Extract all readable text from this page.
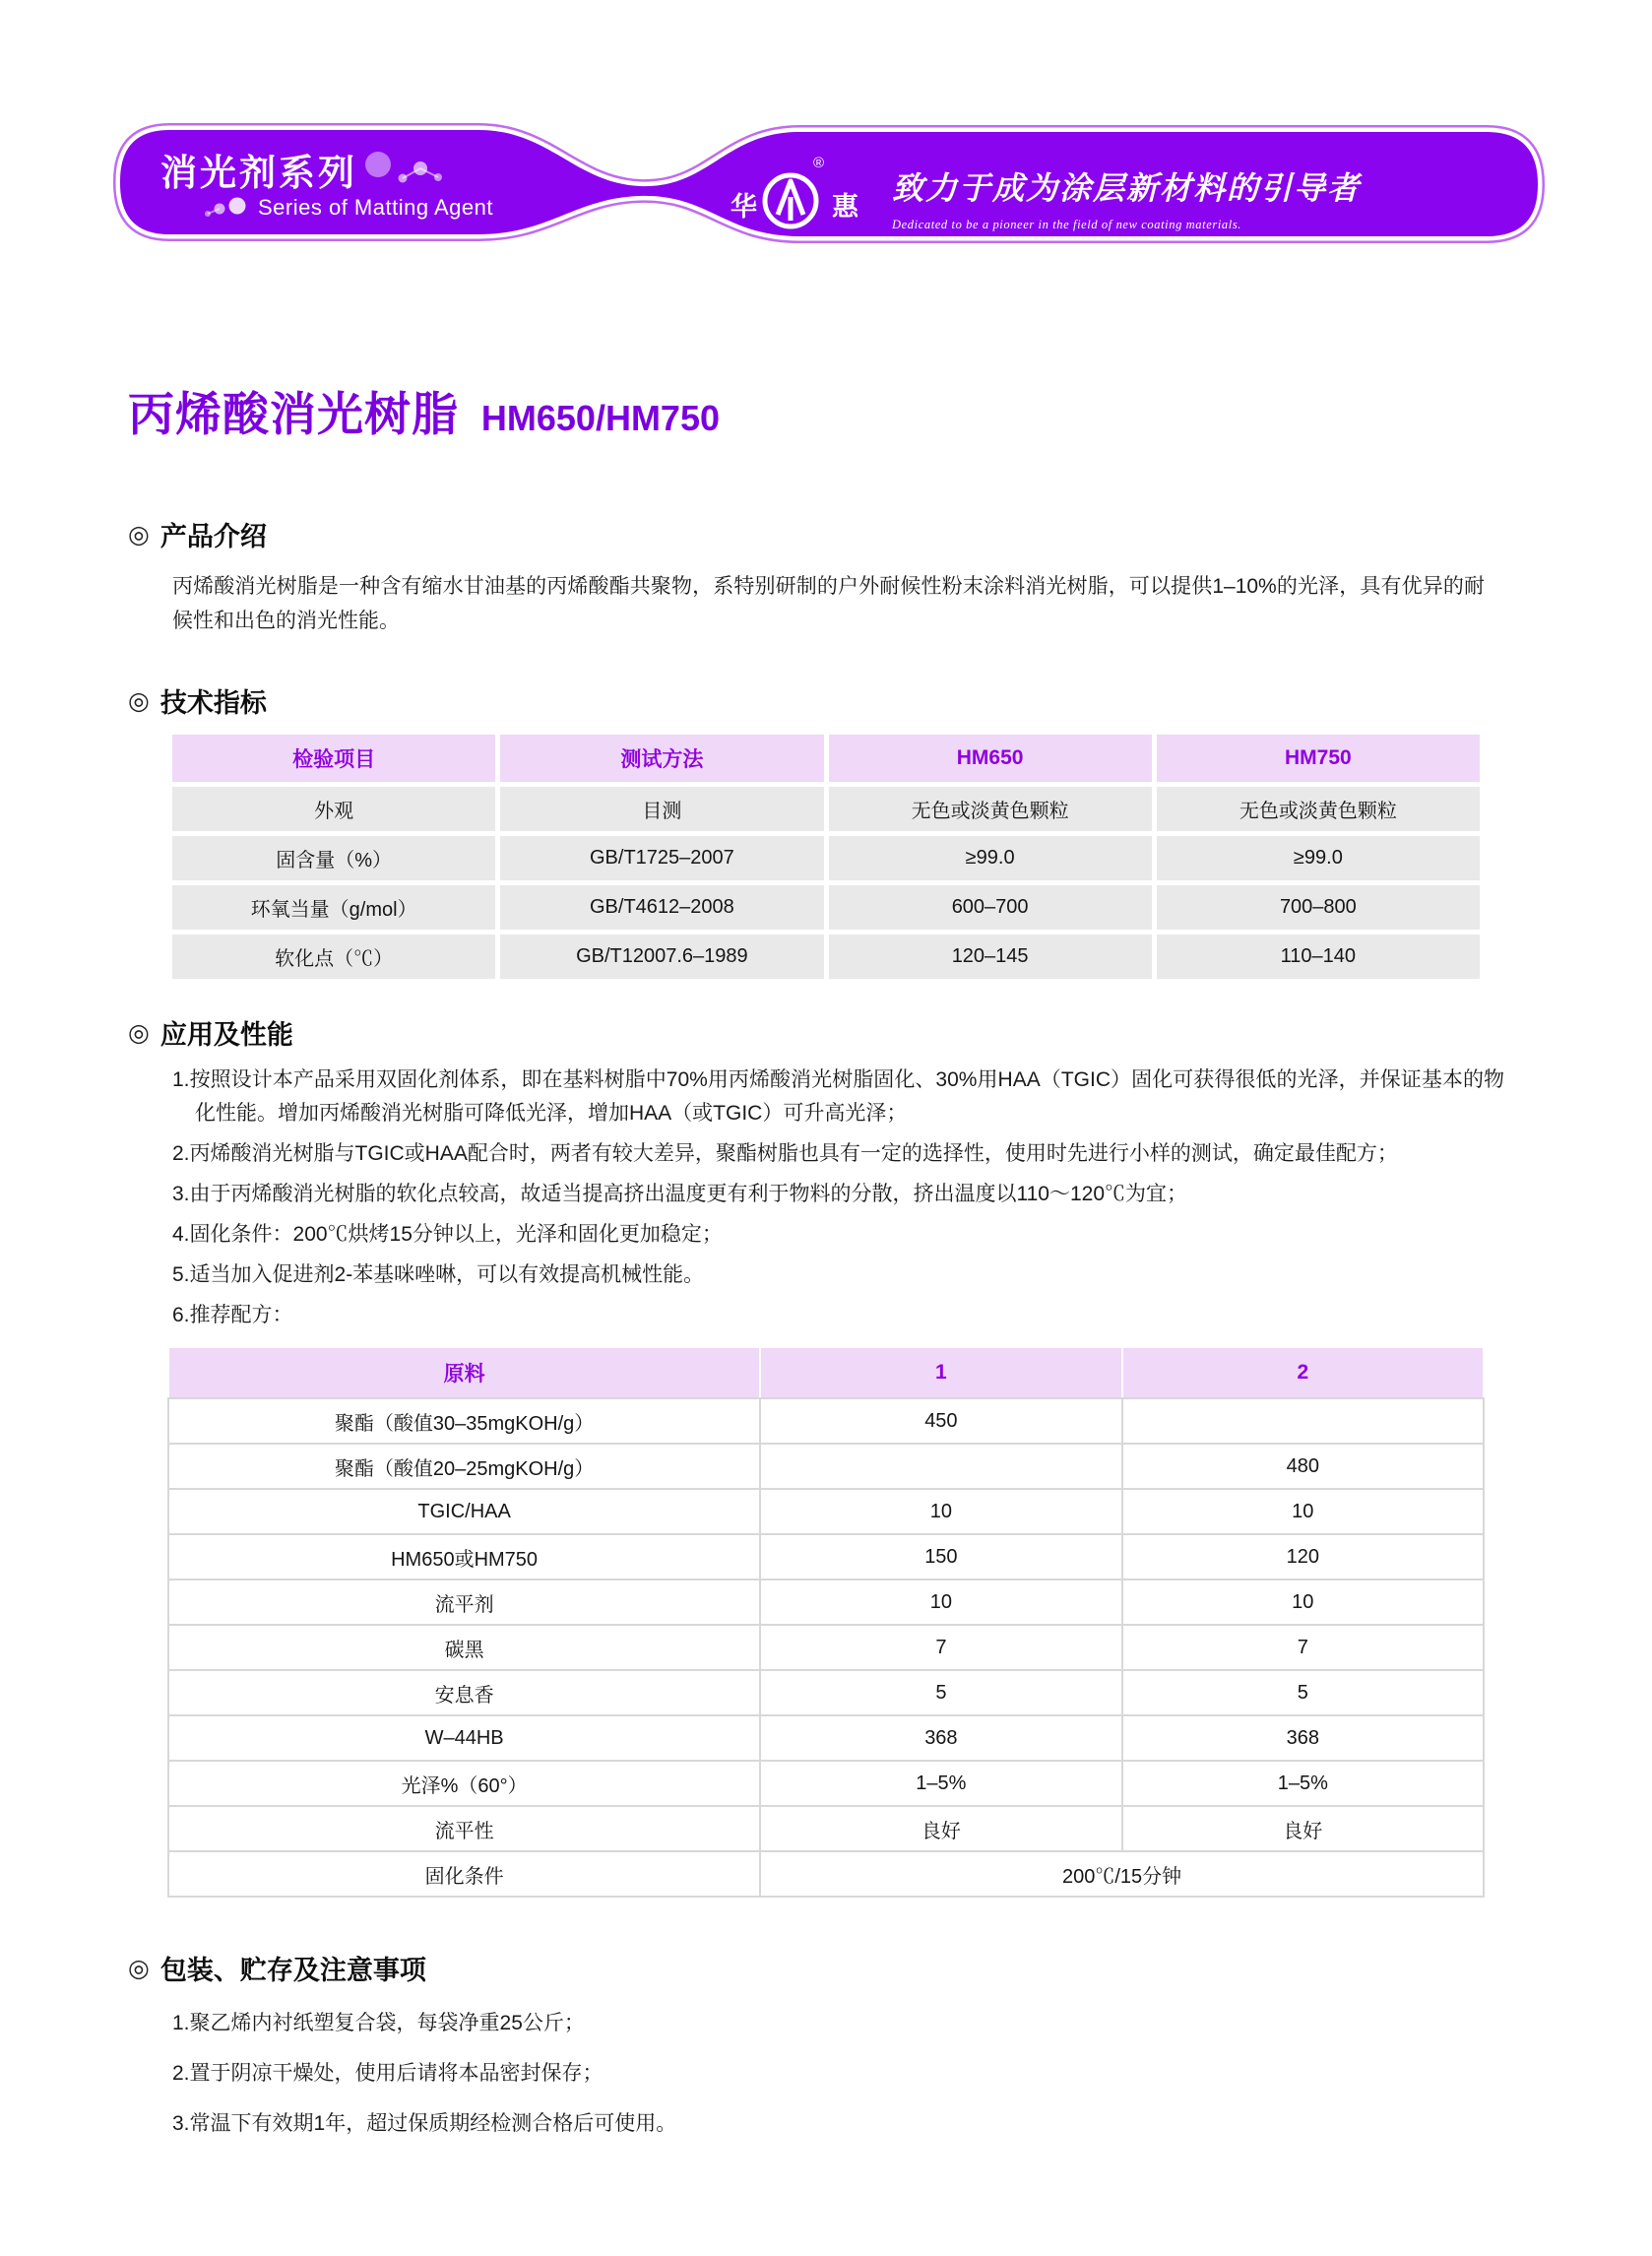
消光剂系列
Series of Matting Agent	华
®
惠
致力于成为涂层新材料的引导者
Dedicated to be a pioneer in the field of new coating materials.
丙烯酸消光树脂 HM650/HM750
◎ 产品介绍

丙烯酸消光树脂是一种含有缩水甘油基的丙烯酸酯共聚物，系特别研制的户外耐候性粉末涂料消光树脂，可以提供1–10%的光泽，具有优异的耐候性和出色的消光性能。

◎ 技术指标
检验项目	测试方法	HM650	HM750
外观	目测	无色或淡黄色颗粒	无色或淡黄色颗粒
固含量（%）	GB/T1725–2007	≥99.0	≥99.0
环氧当量（g/mol）	GB/T4612–2008	600–700	700–800
软化点（℃）	GB/T12007.6–1989	120–145	110–140
◎ 应用及性能
1.按照设计本产品采用双固化剂体系，即在基料树脂中70%用丙烯酸消光树脂固化、30%用HAA（TGIC）固化可获得很低的光泽，并保证基本的物化性能。增加丙烯酸消光树脂可降低光泽，增加HAA（或TGIC）可升高光泽；
2.丙烯酸消光树脂与TGIC或HAA配合时，两者有较大差异，聚酯树脂也具有一定的选择性，使用时先进行小样的测试，确定最佳配方；
3.由于丙烯酸消光树脂的软化点较高，故适当提高挤出温度更有利于物料的分散，挤出温度以110～120℃为宜；
4.固化条件：200℃烘烤15分钟以上，光泽和固化更加稳定；
5.适当加入促进剂2-苯基咪唑啉，可以有效提高机械性能。
6.推荐配方：
原料	1	2
聚酯（酸值30–35mgKOH/g）	450	
聚酯（酸值20–25mgKOH/g）		480
TGIC/HAA	10	10
HM650或HM750	150	120
流平剂	10	10
碳黑	7	7
安息香	5	5
W–44HB	368	368
光泽%（60°）	1–5%	1–5%
流平性	良好	良好
固化条件	200℃/15分钟	
◎ 包装、贮存及注意事项
1.聚乙烯内衬纸塑复合袋，每袋净重25公斤；
2.置于阴凉干燥处，使用后请将本品密封保存；
3.常温下有效期1年，超过保质期经检测合格后可使用。
